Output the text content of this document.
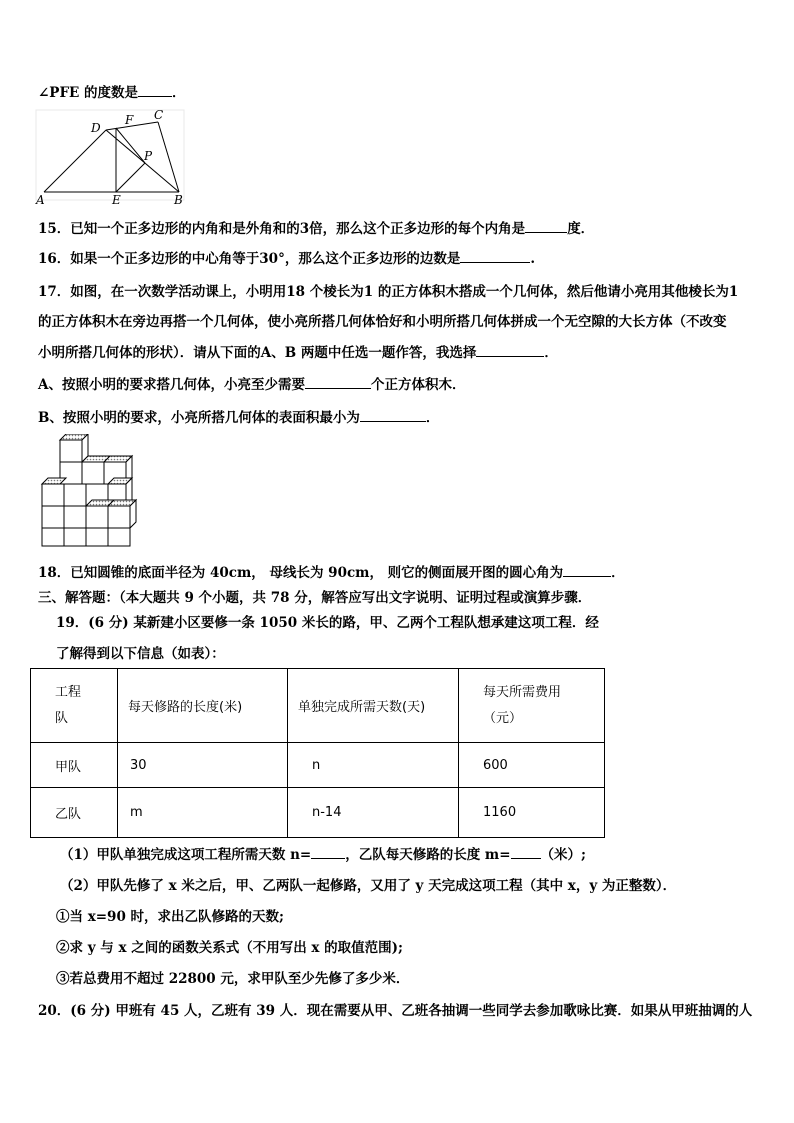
∠PFE 的度数是	．
A	B
C
D
E
F
P
15．已知一个正多边形的内角和是外角和的3倍，那么这个正多边形的每个内角是	度．
16．如果一个正多边形的中心角等于30°，那么这个正多边形的边数是	.
17．如图，在一次数学活动课上，小明用18 个棱长为1 的正方体积木搭成一个几何体，然后他请小亮用其他棱长为1
的正方体积木在旁边再搭一个几何体，使小亮所搭几何体恰好和小明所搭几何体拼成一个无空隙的大长方体（不改变
小明所搭几何体的形状）．请从下面的A、B 两题中任选一题作答，我选择	．
A、按照小明的要求搭几何体，小亮至少需要	个正方体积木．
B、按照小明的要求，小亮所搭几何体的表面积最小为	．
18．已知圆锥的底面半径为 40cm， 母线长为 90cm， 则它的侧面展开图的圆心角为	．
三、解答题：（本大题共 9 个小题，共 78 分，解答应写出文字说明、证明过程或演算步骤．
19．(6 分) 某新建小区要修一条 1050 米长的路，甲、乙两个工程队想承建这项工程．经
了解得到以下信息（如表）：
工程
队	每天修路的长度(米)	单独完成所需天数(天)	每天所需费用
（元）
甲队	30	n	600
乙队	m	n-14	1160
（1）甲队单独完成这项工程所需天数 n=	，乙队每天修路的长度 m= （米）;
（2）甲队先修了 x 米之后，甲、乙两队一起修路，又用了 y 天完成这项工程（其中 x，y 为正整数）．
①当 x=90 时，求出乙队修路的天数;
②求 y 与 x 之间的函数关系式（不用写出 x 的取值范围);
③若总费用不超过 22800 元，求甲队至少先修了多少米．
20．(6 分) 甲班有 45 人，乙班有 39 人．现在需要从甲、乙班各抽调一些同学去参加歌咏比赛．如果从甲班抽调的人
